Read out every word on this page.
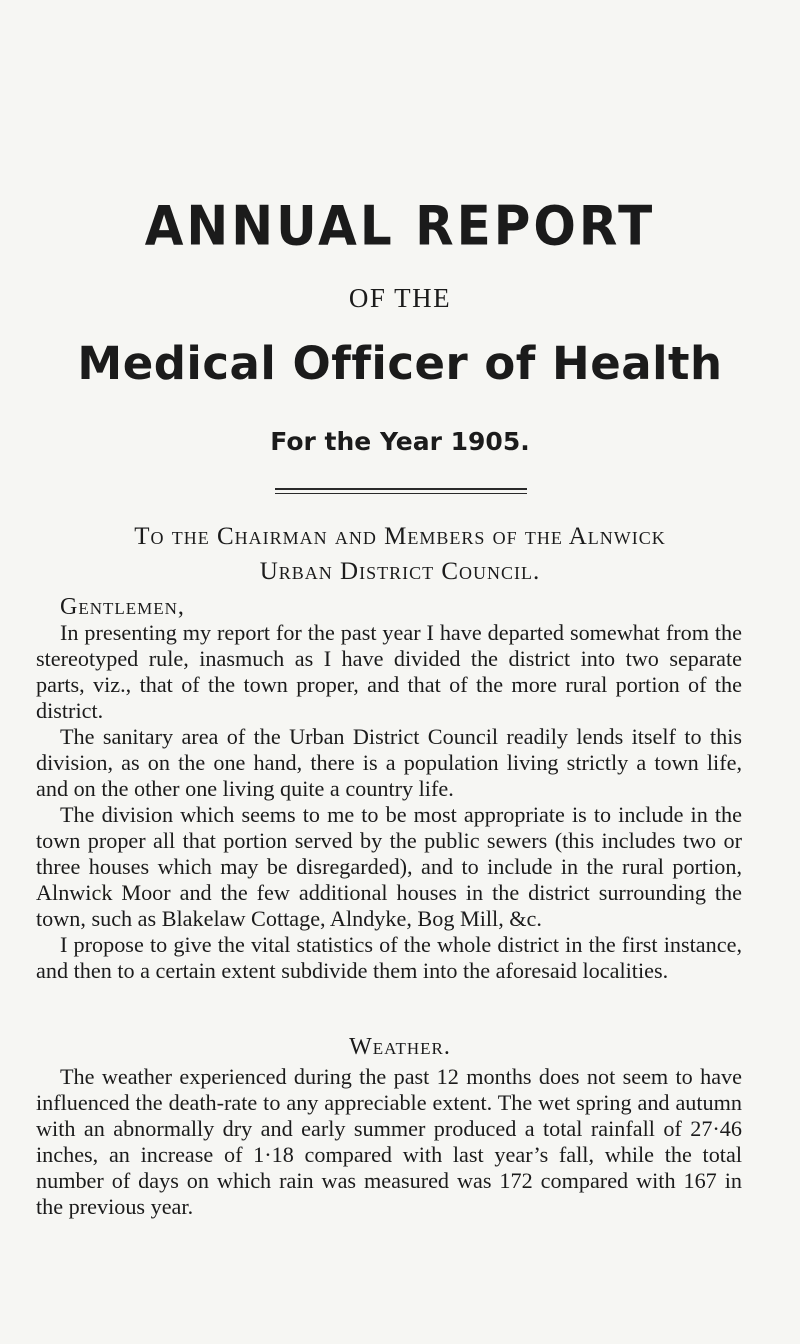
ANNUAL REPORT
OF THE
Medical Officer of Health
For the Year 1905.
To the Chairman and Members of the Alnwick
Urban District Council.
Gentlemen,

In presenting my report for the past year I have departed somewhat from the stereotyped rule, inasmuch as I have divided the district into two separate parts, viz., that of the town proper, and that of the more rural portion of the district.

The sanitary area of the Urban District Council readily lends itself to this division, as on the one hand, there is a population living strictly a town life, and on the other one living quite a country life.

The division which seems to me to be most appropriate is to include in the town proper all that portion served by the public sewers (this includes two or three houses which may be disregarded), and to include in the rural portion, Alnwick Moor and the few additional houses in the district surrounding the town, such as Blakelaw Cottage, Alndyke, Bog Mill, &c.

I propose to give the vital statistics of the whole district in the first instance, and then to a certain extent subdivide them into the aforesaid localities.

Weather.

The weather experienced during the past 12 months does not seem to have influenced the death-rate to any appreciable extent. The wet spring and autumn with an abnormally dry and early summer produced a total rainfall of 27·46 inches, an increase of 1·18 compared with last year’s fall, while the total number of days on which rain was measured was 172 compared with 167 in the previous year.
